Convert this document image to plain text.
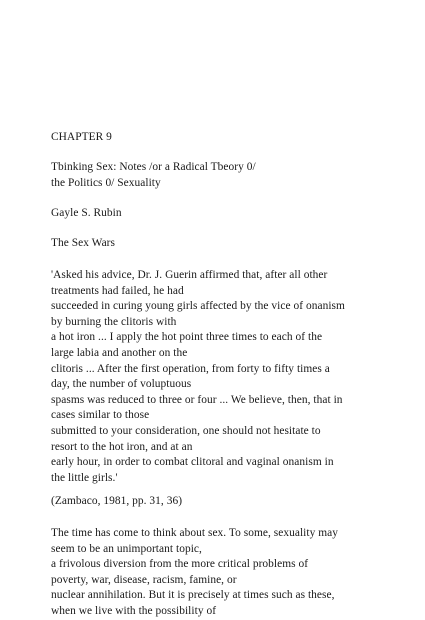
CHAPTER 9
Tbinking Sex: Notes /or a Radical Tbeory 0/
the Politics 0/ Sexuality
Gayle S. Rubin
The Sex Wars
'Asked his advice, Dr. J. Guerin affirmed that, after all other
treatments had failed, he had
succeeded in curing young girls affected by the vice of onanism
by burning the clitoris with
a hot iron ... I apply the hot point three times to each of the
large labia and another on the
clitoris ... After the first operation, from forty to fifty times a
day, the number of voluptuous
spasms was reduced to three or four ... We believe, then, that in
cases similar to those
submitted to your consideration, one should not hesitate to
resort to the hot iron, and at an
early hour, in order to combat clitoral and vaginal onanism in
the little girls.'
(Zambaco, 1981, pp. 31, 36)
The time has come to think about sex. To some, sexuality may
seem to be an unimportant topic,
a frivolous diversion from the more critical problems of
poverty, war, disease, racism, famine, or
nuclear annihilation. But it is precisely at times such as these,
when we live with the possibility of
